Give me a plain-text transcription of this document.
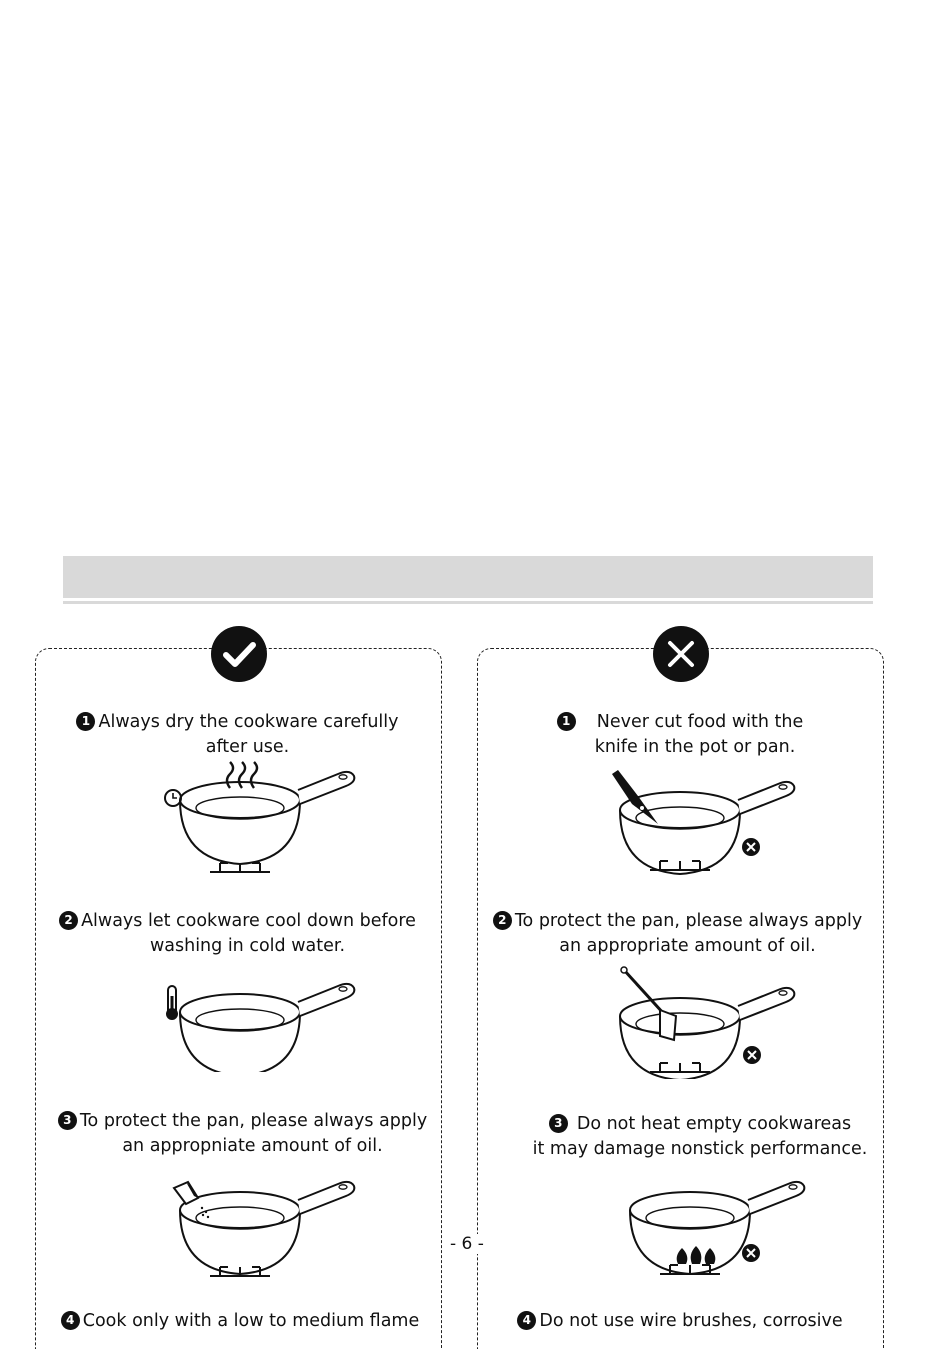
1 Always dry the cookware carefully
after use.
2 Always let cookware cool down before
washing in cold water.
3 To protect the pan, please always apply
an appropniate amount of oil.
4 Cook only with a low to medium flame
1 Never cut food with the
knife in the pot or pan.
2 To protect the pan, please always apply
an appropriate amount of oil.
3 Do not heat empty cookwareas
it may damage nonstick performance.
4 Do not use wire brushes, corrosive
- 6 -
